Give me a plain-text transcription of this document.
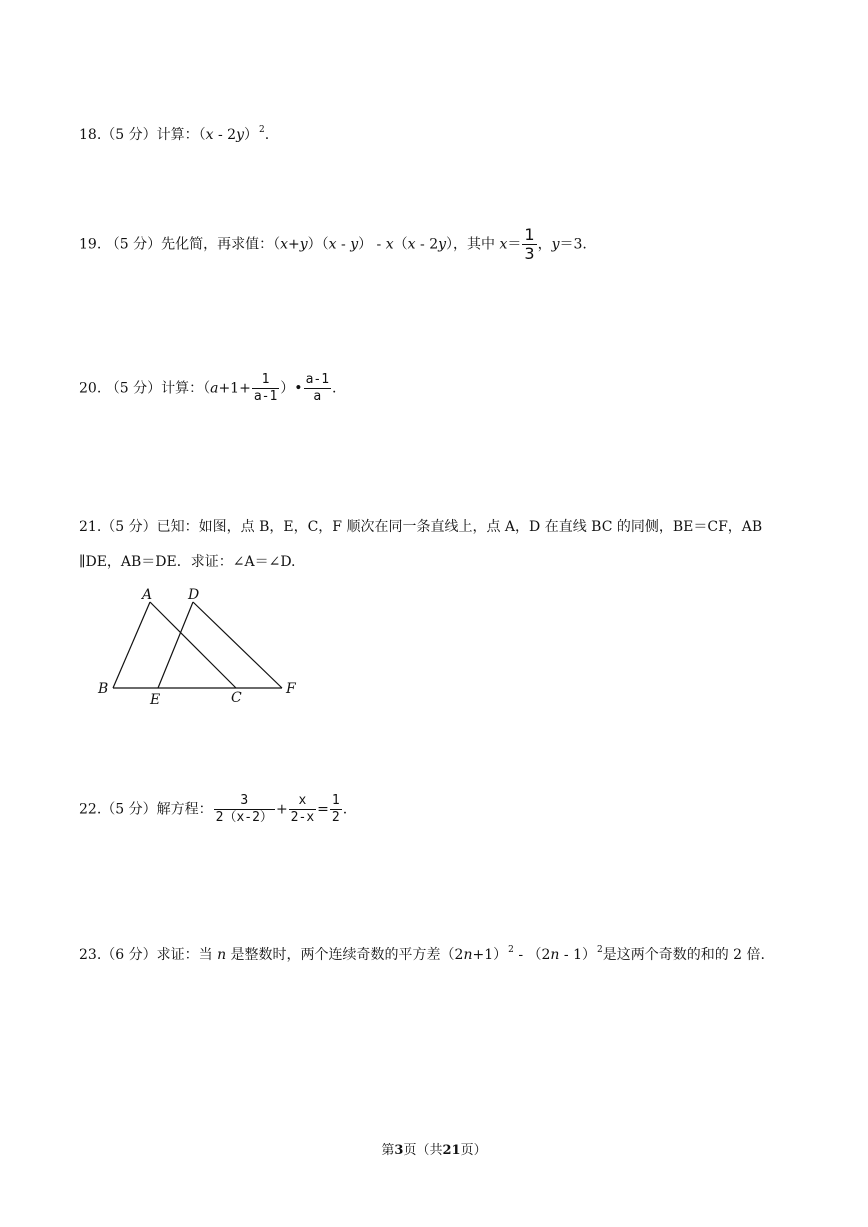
18.（5 分）计算：（x - 2y）$^2$.
19. （5 分）先化简，再求值：（x+y）（x - y） - x（x - 2y），其中 $x= \frac{1}{3}$ ，y＝3.
20. （5 分）计算：（$a+1+ \frac{1}{a-1}$ ）• $\frac{a-1}{a}$ .
21.（5 分）已知：如图，点 B，E，C，F 顺次在同一条直线上，点 A，D 在直线 BC 的同侧，BE＝CF，AB
∥DE，AB＝DE．求证：∠A＝∠D.
A	D
B
E	C
F
22.（5 分）解方程： $\frac{3}{2(x-2)} + \frac{x}{2-x} = \frac{1}{2}$ .
23.（6 分）求证：当 n 是整数时，两个连续奇数的平方差$(2n+1)^2 - (2n - 1)^2$是这两个奇数的和的 2 倍.
第3页（共21页）
